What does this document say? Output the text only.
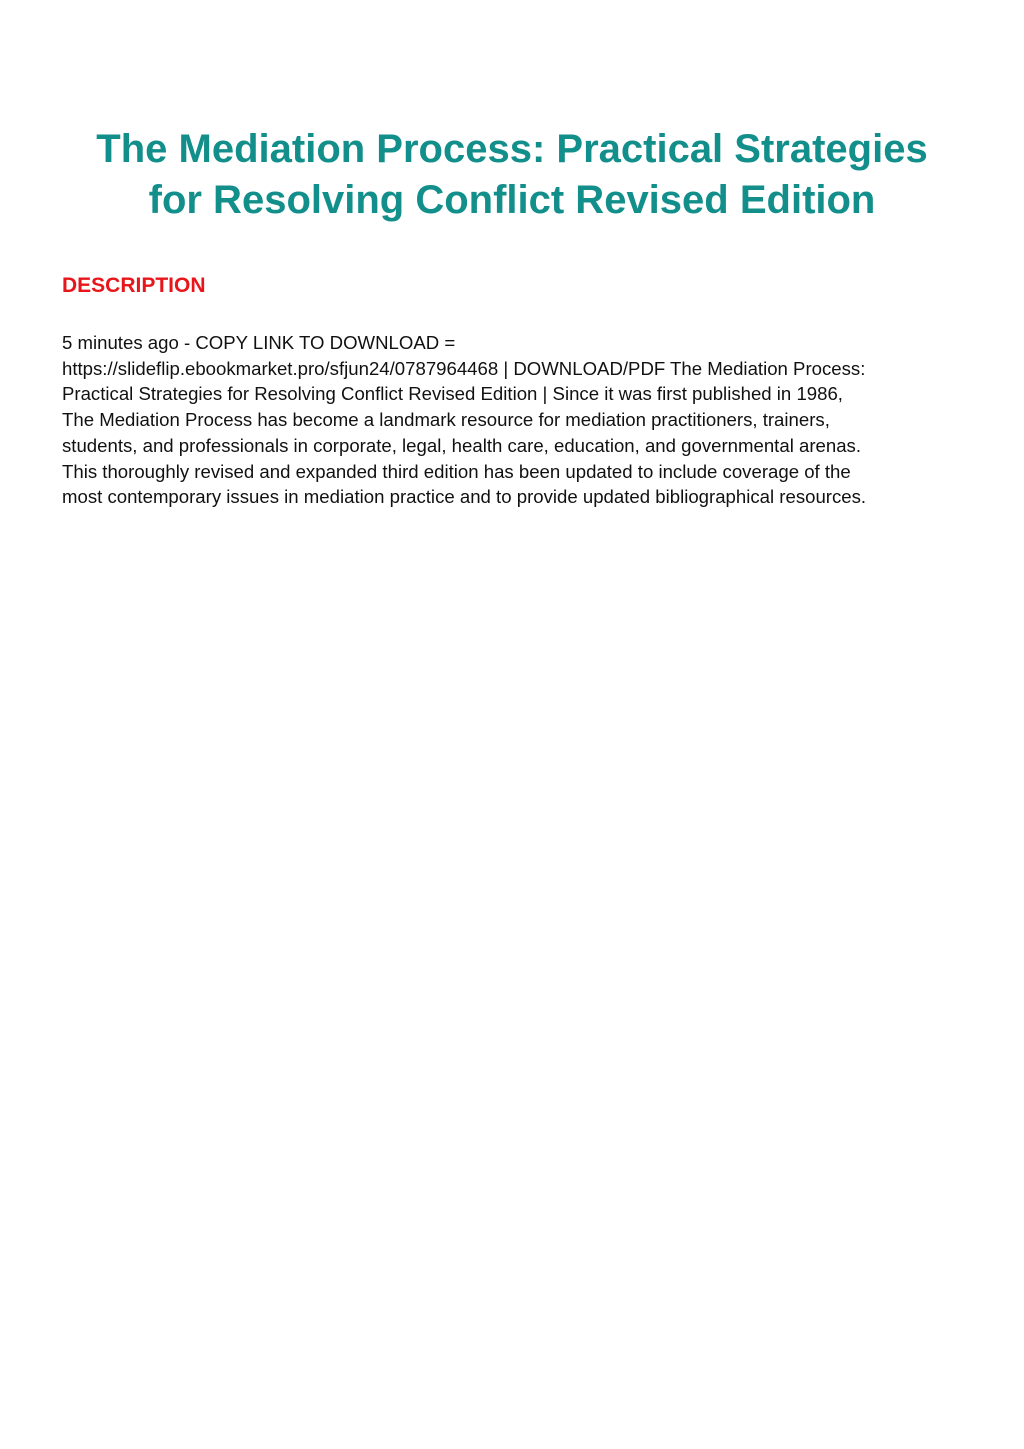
The Mediation Process: Practical Strategies
for Resolving Conflict Revised Edition
DESCRIPTION

5 minutes ago - COPY LINK TO DOWNLOAD =
https://slideflip.ebookmarket.pro/sfjun24/0787964468 | DOWNLOAD/PDF The Mediation Process:
Practical Strategies for Resolving Conflict Revised Edition | Since it was first published in 1986,
The Mediation Process has become a landmark resource for mediation practitioners, trainers,
students, and professionals in corporate, legal, health care, education, and governmental arenas.
This thoroughly revised and expanded third edition has been updated to include coverage of the
most contemporary issues in mediation practice and to provide updated bibliographical resources.
